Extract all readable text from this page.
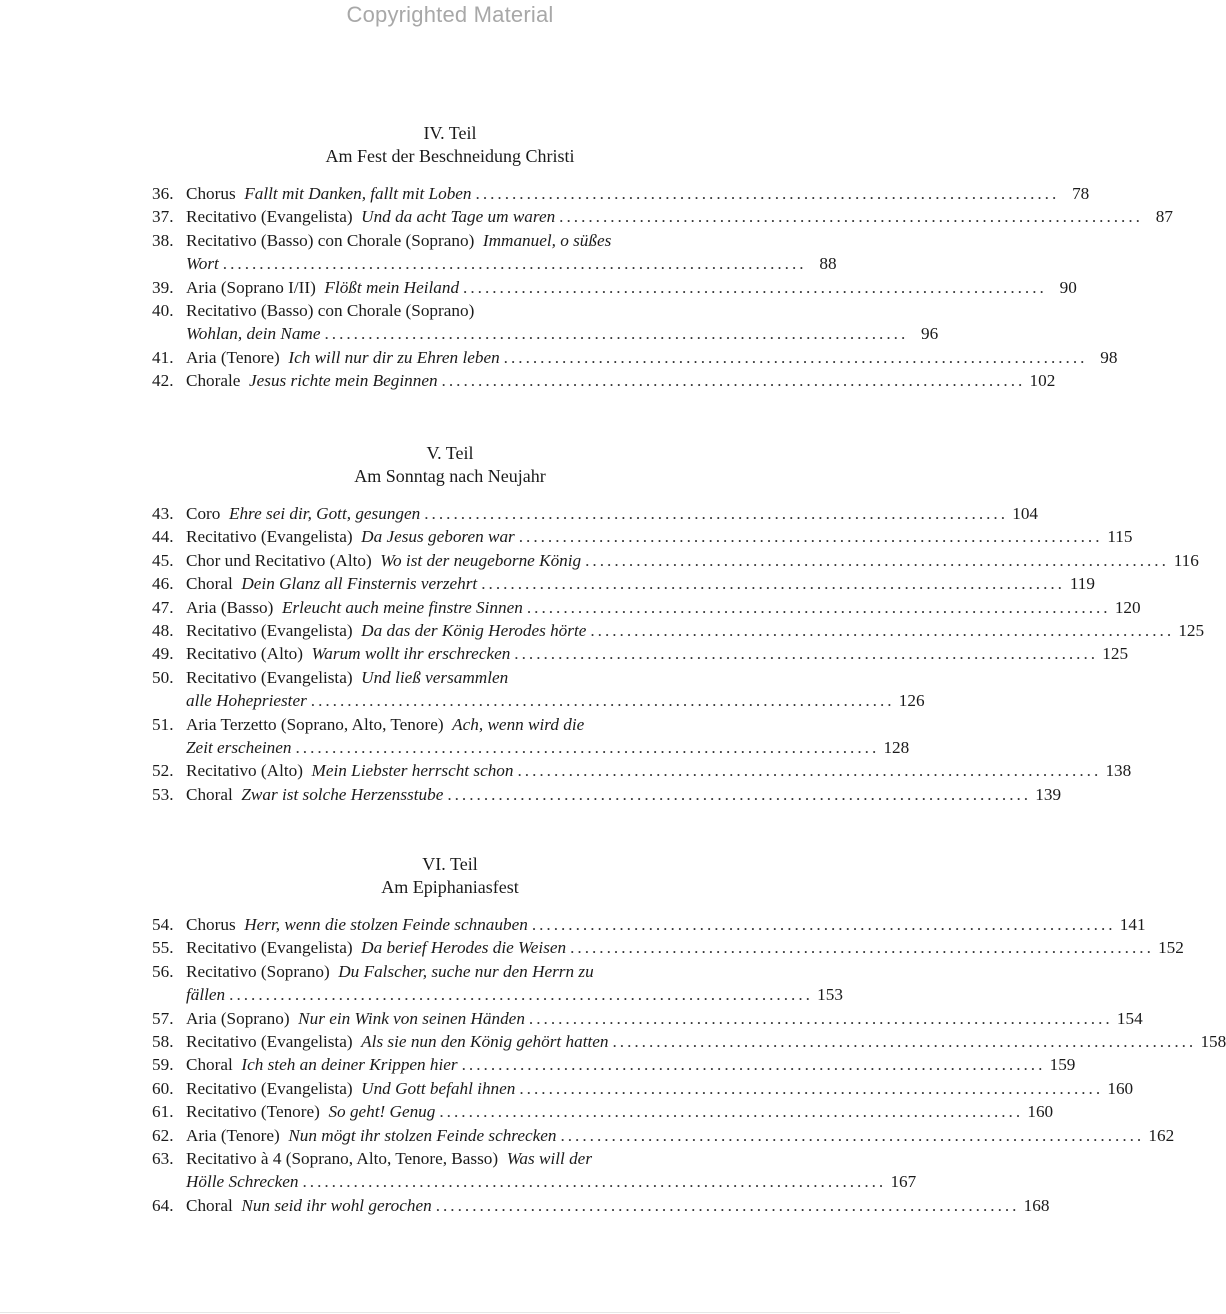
Copyrighted Material
IV. Teil
Am Fest der Beschneidung Christi
36. Chorus Fallt mit Danken, fallt mit Loben ................................................................................ 78
37. Recitativo (Evangelista) Und da acht Tage um waren ................................................................................ 87
38. Recitativo (Basso) con Chorale (Soprano) Immanuel, o süßes
Wort ................................................................................ 88
39. Aria (Soprano I/II) Flößt mein Heiland ................................................................................ 90
40. Recitativo (Basso) con Chorale (Soprano)
Wohlan, dein Name ................................................................................ 96
41. Aria (Tenore) Ich will nur dir zu Ehren leben ................................................................................ 98
42. Chorale Jesus richte mein Beginnen ................................................................................ 102
V. Teil
Am Sonntag nach Neujahr
43. Coro Ehre sei dir, Gott, gesungen ................................................................................ 104
44. Recitativo (Evangelista) Da Jesus geboren war ................................................................................ 115
45. Chor und Recitativo (Alto) Wo ist der neugeborne König ................................................................................ 116
46. Choral Dein Glanz all Finsternis verzehrt ................................................................................ 119
47. Aria (Basso) Erleucht auch meine finstre Sinnen ................................................................................ 120
48. Recitativo (Evangelista) Da das der König Herodes hörte ................................................................................ 125
49. Recitativo (Alto) Warum wollt ihr erschrecken ................................................................................ 125
50. Recitativo (Evangelista) Und ließ versammlen
alle Hohepriester ................................................................................ 126
51. Aria Terzetto (Soprano, Alto, Tenore) Ach, wenn wird die
Zeit erscheinen ................................................................................ 128
52. Recitativo (Alto) Mein Liebster herrscht schon ................................................................................ 138
53. Choral Zwar ist solche Herzensstube ................................................................................ 139
VI. Teil
Am Epiphaniasfest
54. Chorus Herr, wenn die stolzen Feinde schnauben ................................................................................ 141
55. Recitativo (Evangelista) Da berief Herodes die Weisen ................................................................................ 152
56. Recitativo (Soprano) Du Falscher, suche nur den Herrn zu
fällen ................................................................................ 153
57. Aria (Soprano) Nur ein Wink von seinen Händen ................................................................................ 154
58. Recitativo (Evangelista) Als sie nun den König gehört hatten ................................................................................ 158
59. Choral Ich steh an deiner Krippen hier ................................................................................ 159
60. Recitativo (Evangelista) Und Gott befahl ihnen ................................................................................ 160
61. Recitativo (Tenore) So geht! Genug ................................................................................ 160
62. Aria (Tenore) Nun mögt ihr stolzen Feinde schrecken ................................................................................ 162
63. Recitativo à 4 (Soprano, Alto, Tenore, Basso) Was will der
Hölle Schrecken ................................................................................ 167
64. Choral Nun seid ihr wohl gerochen ................................................................................ 168
